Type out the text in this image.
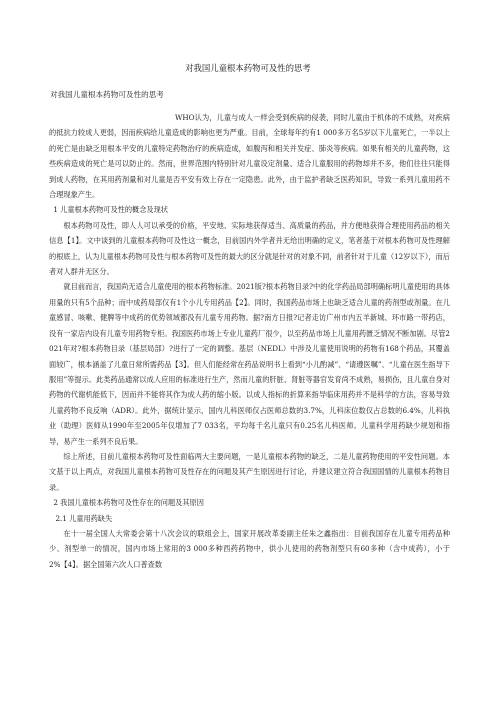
对我国儿童根本药物可及性的思考
对我国儿童根本药物可及性的思考

WHO认为，儿童与成人一样会受到疾病的侵袭，同时儿童由于机体的不成熟，对疾病的抵抗力较成人更弱，因而疾病给儿童造成的影响也更为严重。目前，全球每年约有1 000多万名5岁以下儿童死亡，一半以上的死亡是由缺乏用根本平安的儿童特定药物治疗的疾病造成，如腹泻和相关并发症、肺炎等疾病。如果有相关的儿童药物，这些疾病造成的死亡是可以防止的。然而，世界范围内特别针对儿童设定剂量、适合儿童服用的药物却并不多，他们往往只能得到成人药物，在其用药剂量和对儿童是否平安有效上存在一定隐患。此外，由于监护者缺乏医药知识，导致一系列儿童用药不合理现象产生。

1 儿童根本药物可及性的概念及现状

根本药物可及性，即人人可以承受的价格，平安地、实际地获得适当、高质量的药品，并方便地获得合理使用药品的相关信息【1】。文中谈到的儿童根本药物可及性这一概念，目前国内外学者并无给出明确的定义，笔者基于对根本药物可及性理解的根底上，认为儿童根本药物可及性与根本药物可及性的最大的区分就是针对的对象不同，前者针对于儿童（12岁以下），而后者对人群并无区分。

就目前而言，我国尚无适合儿童使用的根本药物标准。2021版?根本药物目录?中的化学药品局部明确标明儿童使用的具体用量的只有5个品种；而中成药局部仅有1个小儿专用药品【2】。同时，我国药品市场上也缺乏适合儿童的药剂型或剂量。在儿童感冒、咳嗽、健脾等中成药的优势领域都没有儿童专用药物。据?南方日报?记者走访广州市内五羊新城、环市路一带药店，没有一家店内设有儿童专用药物专柜。我国医药市场上专业儿童药厂很少，以至药品市场上儿童用药匮乏情况不断加剧。尽管2021年对?根本药物目录（基层局部）?进行了一定的调整。基层（NEDL）中涉及儿童使用说明的药物有168个药品，其覆盖面较广，根本涵盖了儿童日常所需药品【3】。但人们能经常在药品说明书上看到“小儿酌减”、“请遵医嘱”、“儿童在医生指导下服用”等提示。此类药品通常以成人应用的标准进行生产，然而儿童的肝脏、肾脏等器官发育尚不成熟，易损伤，且儿童自身对药物的代谢机能低下，因而并不能将其作为成人药的缩小版。以成人指标的折算来指导临床用药并不是科学的方法，容易导致儿童药物不良反响（ADR）。此外，据统计显示，国内儿科医师仅占医师总数的3.7%，儿科床位数仅占总数的6.4%，儿科执业（助理）医师从1990年至2005年仅增加了7 033名，平均每千名儿童只有0.25名儿科医师。儿童科学用药缺少规划和指导，易产生一系列不良后果。

综上所述，目前儿童根本药物可及性面临两大主要问题，一是儿童根本药物的缺乏，二是儿童药物使用的平安性问题。本文基于以上两点，对我国儿童根本药物可及性存在的问题及其产生原因进行讨论，并建议建立符合我国国情的儿童根本药物目录。

2 我国儿童根本药物可及性存在的问题及其原因

2.1 儿童用药缺失

在十一届全国人大常委会第十八次会议的联组会上，国家开展改革委副主任朱之鑫指出：目前我国存在儿童专用药品种少、剂型单一的情况，国内市场上常用的3 000多种西药药物中，供小儿使用的药物剂型只有60多种（含中成药），小于2%【4】。据全国第六次人口普查数
